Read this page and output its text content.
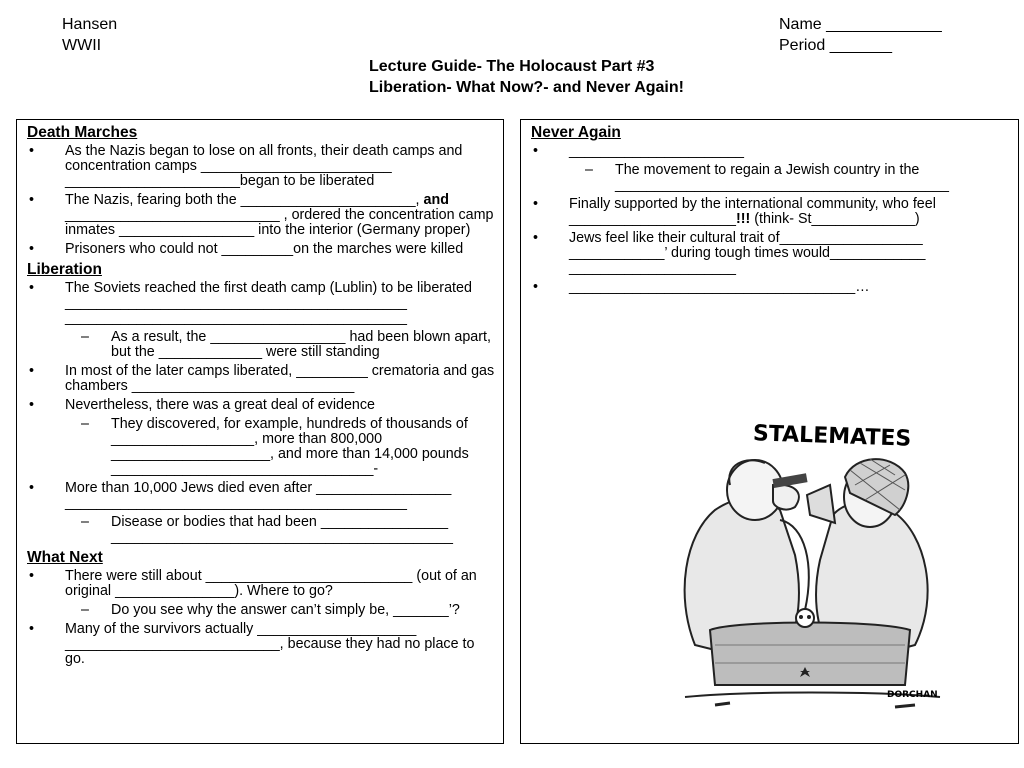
Hansen
WWII
Name _____________
Period _______
Lecture Guide- The Holocaust Part #3
Liberation- What Now?- and Never Again!
Death Marches
• As the Nazis began to lose on all fronts, their death camps and concentration camps ________________________ ______________________began to be liberated
• The Nazis, fearing both the ______________________, and ___________________________ , ordered the concentration camp inmates _________________ into the interior (Germany proper)
• Prisoners who could not _________on the marches were killed
Liberation
• The Soviets reached the first death camp (Lublin) to be liberated ___________________________________________ ___________________________________________
– As a result, the _________________ had been blown apart, but the _____________ were still standing
• In most of the later camps liberated, _________ crematoria and gas chambers ____________________________
• Nevertheless, there was a great deal of evidence
– They discovered, for example, hundreds of thousands of __________________, more than 800,000 ____________________, and more than 14,000 pounds _________________________________-
• More than 10,000 Jews died even after _________________ ___________________________________________
– Disease or bodies that had been ________________ ___________________________________________
What Next
• There were still about __________________________ (out of an original _______________). Where to go?
– Do you see why the answer can’t simply be, _______’?
• Many of the survivors actually ____________________ ___________________________, because they had no place to go.
Never Again
• ______________________
– The movement to regain a Jewish country in the __________________________________________
• Finally supported by the international community, who feel _____________________!!! (think- St_____________)
• Jews feel like their cultural trait of__________________ ____________’ during tough times would____________ _____________________
• ____________________________________…
STALEMATES
DORCHAN
